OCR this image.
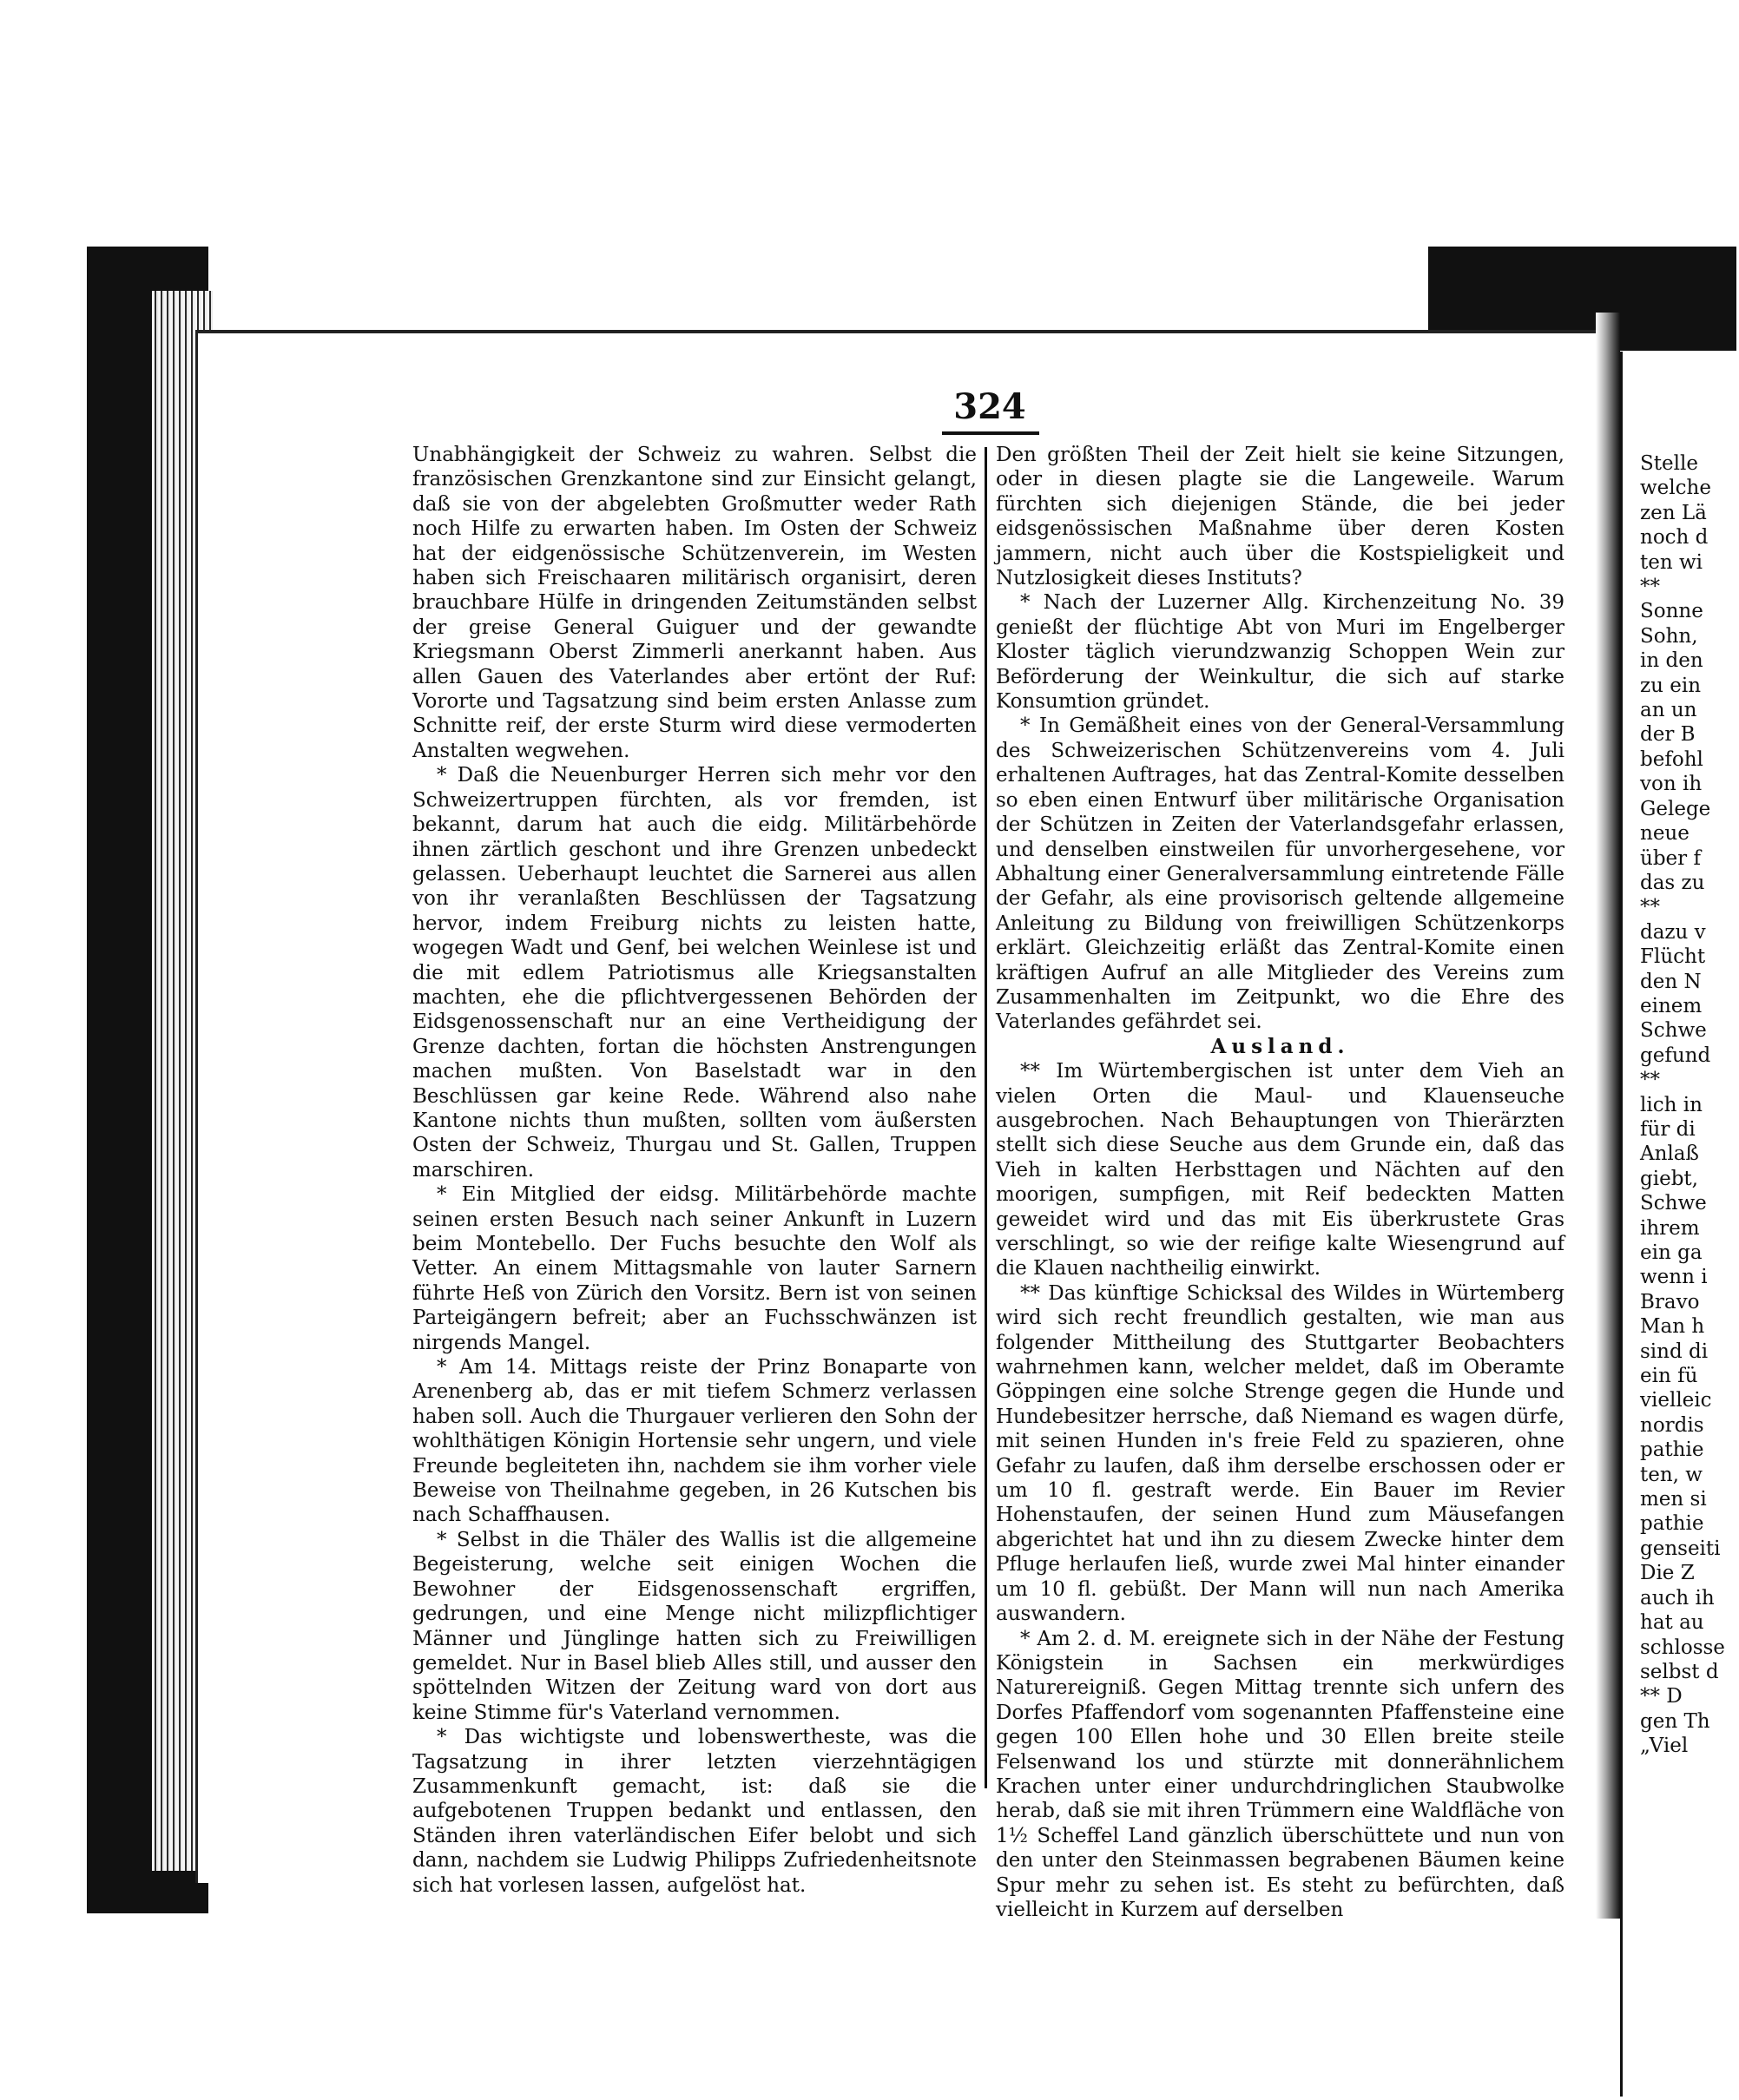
324

Unabhängigkeit der Schweiz zu wahren. Selbst die französischen Grenzkantone sind zur Einsicht gelangt, daß sie von der abgelebten Großmutter weder Rath noch Hilfe zu erwarten haben. Im Osten der Schweiz hat der eidgenössische Schützenverein, im Westen haben sich Freischaaren militärisch organisirt, deren brauchbare Hülfe in dringenden Zeitumständen selbst der greise General Guiguer und der gewandte Kriegsmann Oberst Zimmerli anerkannt haben. Aus allen Gauen des Vaterlandes aber ertönt der Ruf: Vororte und Tagsatzung sind beim ersten Anlasse zum Schnitte reif, der erste Sturm wird diese vermoderten Anstalten wegwehen.

* Daß die Neuenburger Herren sich mehr vor den Schweizertruppen fürchten, als vor fremden, ist bekannt, darum hat auch die eidg. Militärbehörde ihnen zärtlich geschont und ihre Grenzen unbedeckt gelassen. Ueberhaupt leuchtet die Sarnerei aus allen von ihr veranlaßten Beschlüssen der Tagsatzung hervor, indem Freiburg nichts zu leisten hatte, wogegen Wadt und Genf, bei welchen Weinlese ist und die mit edlem Patriotismus alle Kriegsanstalten machten, ehe die pflichtvergessenen Behörden der Eidsgenossenschaft nur an eine Vertheidigung der Grenze dachten, fortan die höchsten Anstrengungen machen mußten. Von Baselstadt war in den Beschlüssen gar keine Rede. Während also nahe Kantone nichts thun mußten, sollten vom äußersten Osten der Schweiz, Thurgau und St. Gallen, Truppen marschiren.

* Ein Mitglied der eidsg. Militärbehörde machte seinen ersten Besuch nach seiner Ankunft in Luzern beim Montebello. Der Fuchs besuchte den Wolf als Vetter. An einem Mittagsmahle von lauter Sarnern führte Heß von Zürich den Vorsitz. Bern ist von seinen Parteigängern befreit; aber an Fuchsschwänzen ist nirgends Mangel.

* Am 14. Mittags reiste der Prinz Bonaparte von Arenenberg ab, das er mit tiefem Schmerz verlassen haben soll. Auch die Thurgauer verlieren den Sohn der wohlthätigen Königin Hortensie sehr ungern, und viele Freunde begleiteten ihn, nachdem sie ihm vorher viele Beweise von Theilnahme gegeben, in 26 Kutschen bis nach Schaffhausen.

* Selbst in die Thäler des Wallis ist die allgemeine Begeisterung, welche seit einigen Wochen die Bewohner der Eidsgenossenschaft ergriffen, gedrungen, und eine Menge nicht milizpflichtiger Männer und Jünglinge hatten sich zu Freiwilligen gemeldet. Nur in Basel blieb Alles still, und ausser den spöttelnden Witzen der Zeitung ward von dort aus keine Stimme für's Vaterland vernommen.

* Das wichtigste und lobenswertheste, was die Tagsatzung in ihrer letzten vierzehntägigen Zusammenkunft gemacht, ist: daß sie die aufgebotenen Truppen bedankt und entlassen, den Ständen ihren vaterländischen Eifer belobt und sich dann, nachdem sie Ludwig Philipps Zufriedenheitsnote sich hat vorlesen lassen, aufgelöst hat.

Den größten Theil der Zeit hielt sie keine Sitzungen, oder in diesen plagte sie die Langeweile. Warum fürchten sich diejenigen Stände, die bei jeder eidsgenössischen Maßnahme über deren Kosten jammern, nicht auch über die Kostspieligkeit und Nutzlosigkeit dieses Instituts?

* Nach der Luzerner Allg. Kirchenzeitung No. 39 genießt der flüchtige Abt von Muri im Engelberger Kloster täglich vierundzwanzig Schoppen Wein zur Beförderung der Weinkultur, die sich auf starke Konsumtion gründet.

* In Gemäßheit eines von der General-Versammlung des Schweizerischen Schützenvereins vom 4. Juli erhaltenen Auftrages, hat das Zentral-Komite desselben so eben einen Entwurf über militärische Organisation der Schützen in Zeiten der Vaterlandsgefahr erlassen, und denselben einstweilen für unvorhergesehene, vor Abhaltung einer Generalversammlung eintretende Fälle der Gefahr, als eine provisorisch geltende allgemeine Anleitung zu Bildung von freiwilligen Schützenkorps erklärt. Gleichzeitig erläßt das Zentral-Komite einen kräftigen Aufruf an alle Mitglieder des Vereins zum Zusammenhalten im Zeitpunkt, wo die Ehre des Vaterlandes gefährdet sei.

Ausland.

** Im Würtembergischen ist unter dem Vieh an vielen Orten die Maul- und Klauenseuche ausgebrochen. Nach Behauptungen von Thierärzten stellt sich diese Seuche aus dem Grunde ein, daß das Vieh in kalten Herbsttagen und Nächten auf den moorigen, sumpfigen, mit Reif bedeckten Matten geweidet wird und das mit Eis überkrustete Gras verschlingt, so wie der reifige kalte Wiesengrund auf die Klauen nachtheilig einwirkt.

** Das künftige Schicksal des Wildes in Würtemberg wird sich recht freundlich gestalten, wie man aus folgender Mittheilung des Stuttgarter Beobachters wahrnehmen kann, welcher meldet, daß im Oberamte Göppingen eine solche Strenge gegen die Hunde und Hundebesitzer herrsche, daß Niemand es wagen dürfe, mit seinen Hunden in's freie Feld zu spazieren, ohne Gefahr zu laufen, daß ihm derselbe erschossen oder er um 10 fl. gestraft werde. Ein Bauer im Revier Hohenstaufen, der seinen Hund zum Mäusefangen abgerichtet hat und ihn zu diesem Zwecke hinter dem Pfluge herlaufen ließ, wurde zwei Mal hinter einander um 10 fl. gebüßt. Der Mann will nun nach Amerika auswandern.

* Am 2. d. M. ereignete sich in der Nähe der Festung Königstein in Sachsen ein merkwürdiges Naturereigniß. Gegen Mittag trennte sich unfern des Dorfes Pfaffendorf vom sogenannten Pfaffensteine eine gegen 100 Ellen hohe und 30 Ellen breite steile Felsenwand los und stürzte mit donnerähnlichem Krachen unter einer undurchdringlichen Staubwolke herab, daß sie mit ihren Trümmern eine Waldfläche von 1½ Scheffel Land gänzlich überschüttete und nun von den unter den Steinmassen begrabenen Bäumen keine Spur mehr zu sehen ist. Es steht zu befürchten, daß vielleicht in Kurzem auf derselben

Stelle

welche

zen Lä

noch d

ten wi

**

Sonne

Sohn,

in den

zu ein

an un

der B

befohl

von ih

Gelege

neue

über f

das zu

**

dazu v

Flücht

den N

einem

Schwe

gefund

**

lich in

für di

Anlaß

giebt,

Schwe

ihrem

ein ga

wenn i

Bravo

Man h

sind di

ein fü

vielleic

nordis

pathie

ten, w

men si

pathie

genseiti

Die Z

auch ih

hat au

schlosse

selbst d

** D

gen Th

„Viel
